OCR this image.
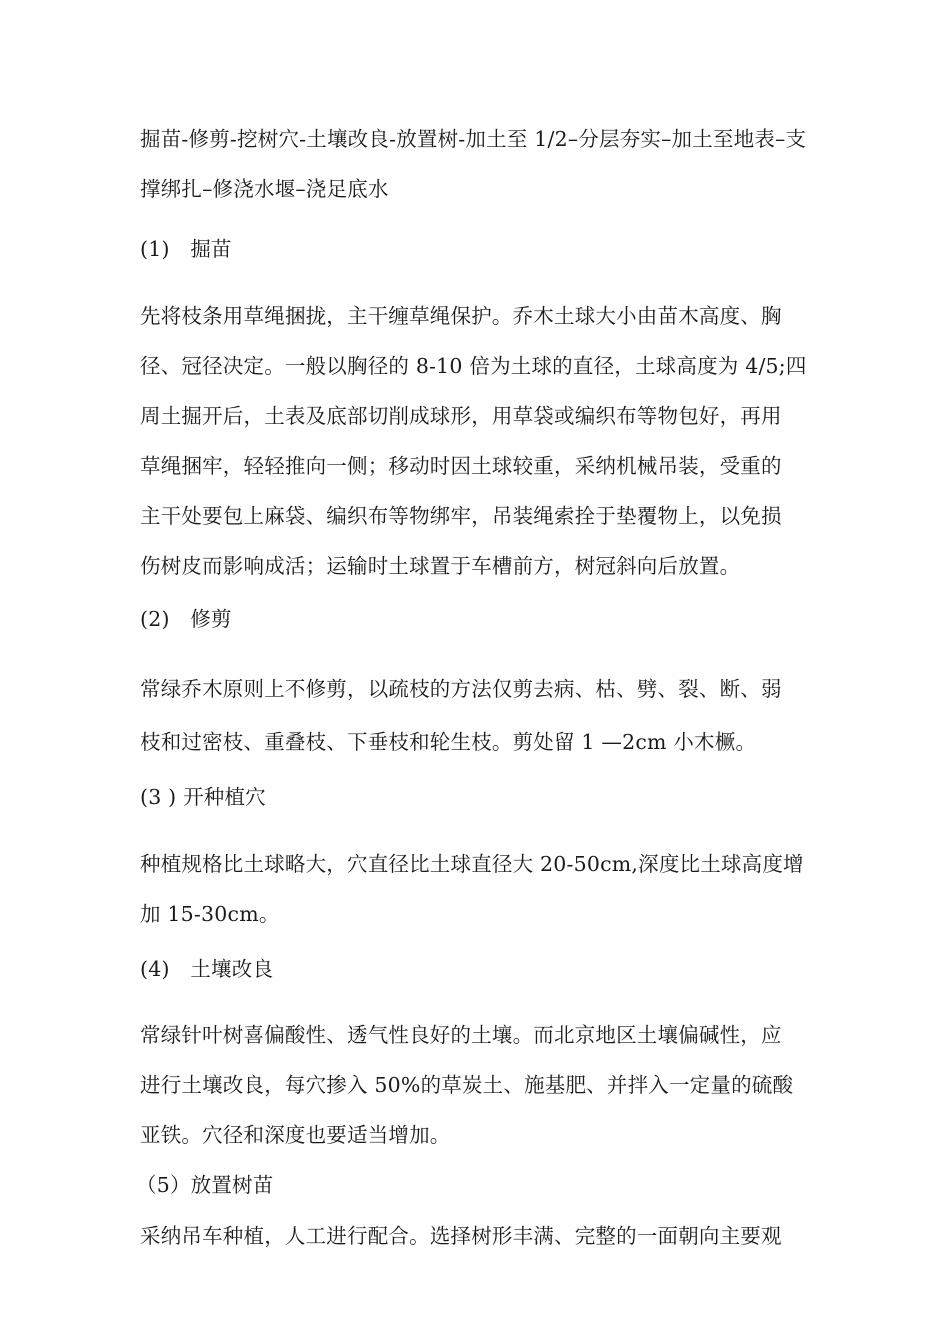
掘苗-修剪-挖树穴-土壤改良-放置树-加土至 1/2–分层夯实–加土至地表–支
撑绑扎–修浇水堰–浇足底水
(1)　掘苗
先将枝条用草绳捆拢，主干缠草绳保护。乔木土球大小由苗木高度、胸
径、冠径决定。一般以胸径的 8-10 倍为土球的直径，土球高度为 4/5;四
周土掘开后，土表及底部切削成球形，用草袋或编织布等物包好，再用
草绳捆牢，轻轻推向一侧；移动时因土球较重，采纳机械吊装，受重的
主干处要包上麻袋、编织布等物绑牢，吊装绳索拴于垫覆物上，以免损
伤树皮而影响成活；运输时土球置于车槽前方，树冠斜向后放置。
(2)　修剪
常绿乔木原则上不修剪，以疏枝的方法仅剪去病、枯、劈、裂、断、弱
枝和过密枝、重叠枝、下垂枝和轮生枝。剪处留 1 —2cm 小木橛。
(3 ) 开种植穴
种植规格比土球略大，穴直径比土球直径大 20-50cm,深度比土球高度增
加 15-30cm。
(4)　土壤改良
常绿针叶树喜偏酸性、透气性良好的土壤。而北京地区土壤偏碱性，应
进行土壤改良，每穴掺入 50%的草炭土、施基肥、并拌入一定量的硫酸
亚铁。穴径和深度也要适当增加。
（5）放置树苗
采纳吊车种植，人工进行配合。选择树形丰满、完整的一面朝向主要观
